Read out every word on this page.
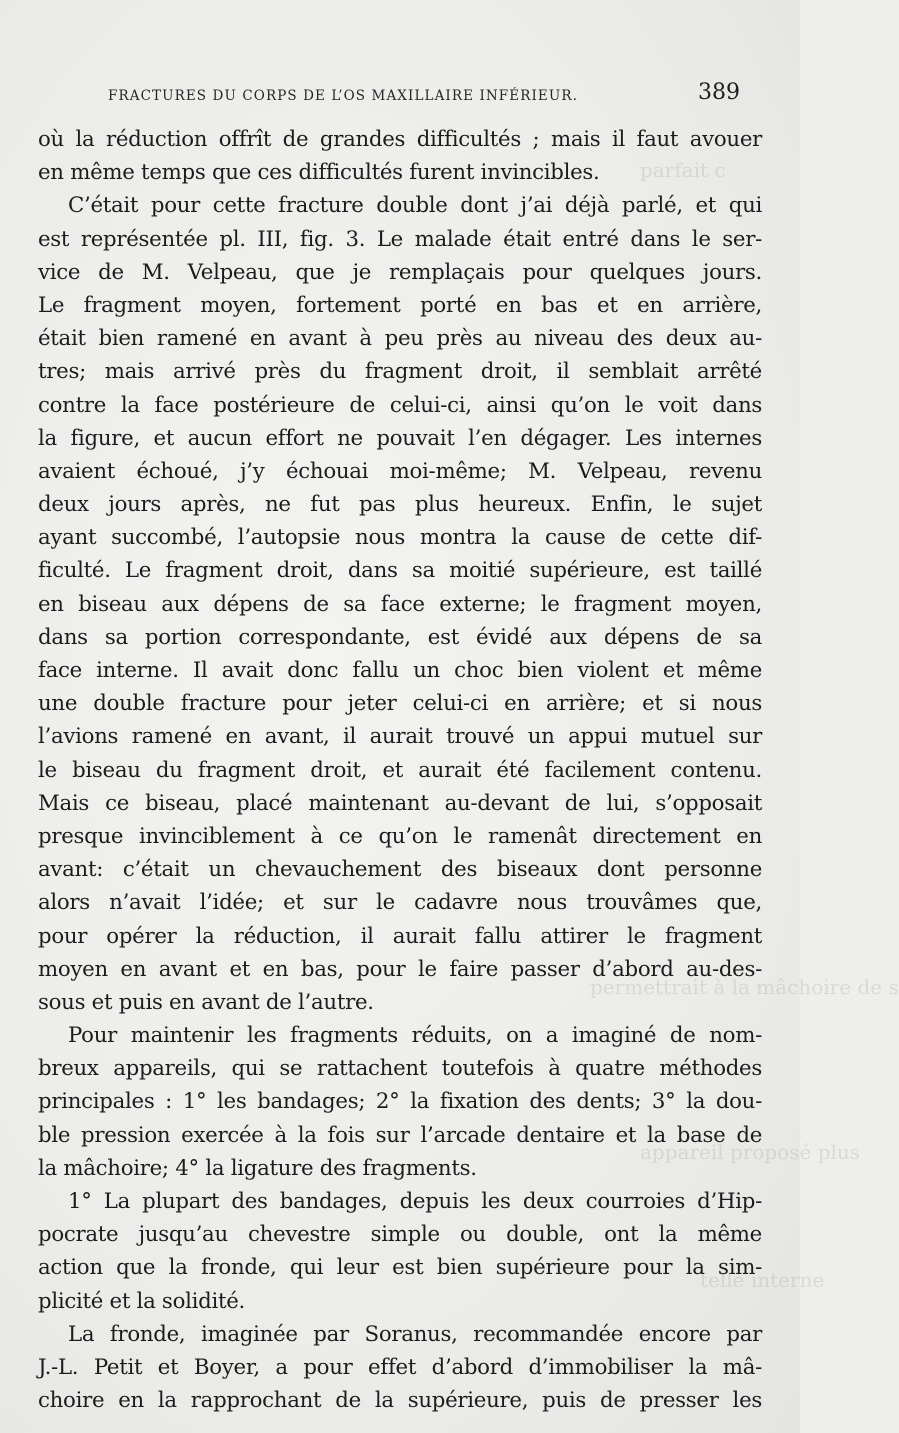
parfait c
permettrait à la mâchoire de s
appareil proposé plus
telle interne
FRACTURES DU CORPS DE L’OS MAXILLAIRE INFÉRIEUR.	389
où la réduction offrît de grandes difficultés ; mais il faut avouer
en même temps que ces difficultés furent invincibles.
C’était pour cette fracture double dont j’ai déjà parlé, et qui
est représentée pl. III, fig. 3. Le malade était entré dans le ser-
vice de M. Velpeau, que je remplaçais pour quelques jours.
Le fragment moyen, fortement porté en bas et en arrière,
était bien ramené en avant à peu près au niveau des deux au-
tres; mais arrivé près du fragment droit, il semblait arrêté
contre la face postérieure de celui-ci, ainsi qu’on le voit dans
la figure, et aucun effort ne pouvait l’en dégager. Les internes
avaient échoué, j’y échouai moi-même; M. Velpeau, revenu
deux jours après, ne fut pas plus heureux. Enfin, le sujet
ayant succombé, l’autopsie nous montra la cause de cette dif-
ficulté. Le fragment droit, dans sa moitié supérieure, est taillé
en biseau aux dépens de sa face externe; le fragment moyen,
dans sa portion correspondante, est évidé aux dépens de sa
face interne. Il avait donc fallu un choc bien violent et même
une double fracture pour jeter celui-ci en arrière; et si nous
l’avions ramené en avant, il aurait trouvé un appui mutuel sur
le biseau du fragment droit, et aurait été facilement contenu.
Mais ce biseau, placé maintenant au-devant de lui, s’opposait
presque invinciblement à ce qu’on le ramenât directement en
avant: c’était un chevauchement des biseaux dont personne
alors n’avait l’idée; et sur le cadavre nous trouvâmes que,
pour opérer la réduction, il aurait fallu attirer le fragment
moyen en avant et en bas, pour le faire passer d’abord au-des-
sous et puis en avant de l’autre.
Pour maintenir les fragments réduits, on a imaginé de nom-
breux appareils, qui se rattachent toutefois à quatre méthodes
principales : 1° les bandages; 2° la fixation des dents; 3° la dou-
ble pression exercée à la fois sur l’arcade dentaire et la base de
la mâchoire; 4° la ligature des fragments.
1° La plupart des bandages, depuis les deux courroies d’Hip-
pocrate jusqu’au chevestre simple ou double, ont la même
action que la fronde, qui leur est bien supérieure pour la sim-
plicité et la solidité.
La fronde, imaginée par Soranus, recommandée encore par
J.-L. Petit et Boyer, a pour effet d’abord d’immobiliser la mâ-
choire en la rapprochant de la supérieure, puis de presser les
